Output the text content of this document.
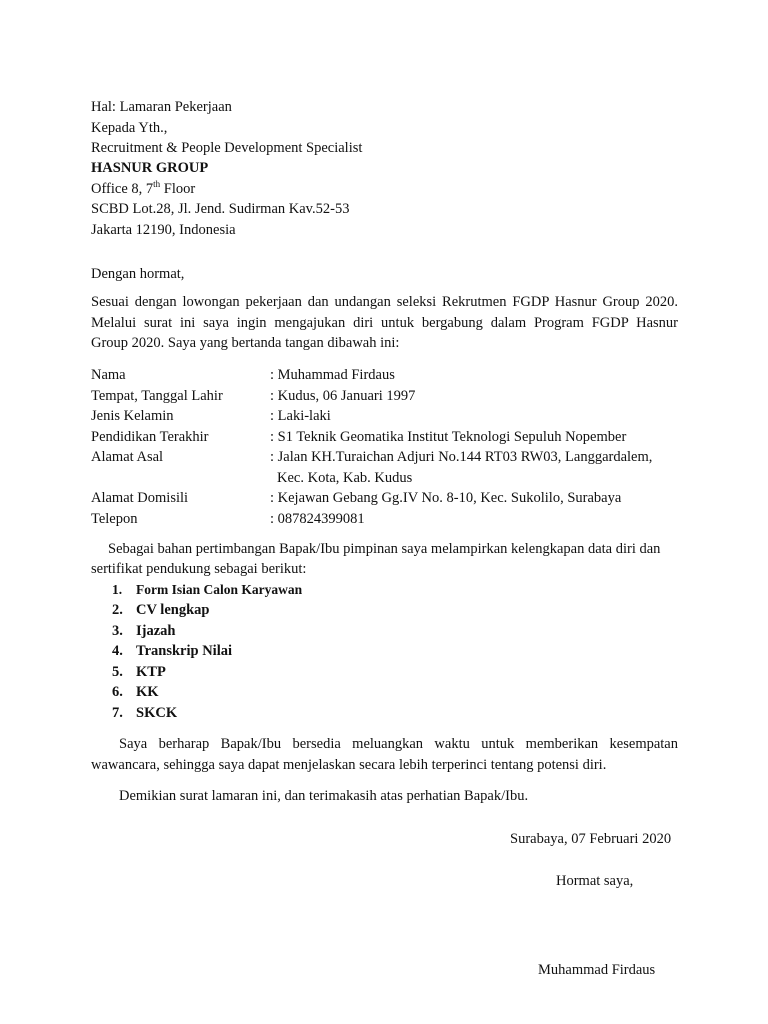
Hal: Lamaran Pekerjaan
Kepada Yth.,
Recruitment & People Development Specialist
HASNUR GROUP
Office 8, 7th Floor
SCBD Lot.28, Jl. Jend. Sudirman Kav.52-53
Jakarta 12190, Indonesia
Dengan hormat,
Sesuai dengan lowongan pekerjaan dan undangan seleksi Rekrutmen FGDP Hasnur Group 2020.
Melalui surat ini saya ingin mengajukan diri untuk bergabung dalam Program FGDP Hasnur
Group 2020. Saya yang bertanda tangan dibawah ini:
Nama	: Muhammad Firdaus
Tempat, Tanggal Lahir	: Kudus, 06 Januari 1997
Jenis Kelamin	: Laki-laki
Pendidikan Terakhir	: S1 Teknik Geomatika Institut Teknologi Sepuluh Nopember
Alamat Asal	: Jalan KH.Turaichan Adjuri No.144 RT03 RW03, Langgardalem,
Kec. Kota, Kab. Kudus
Alamat Domisili	: Kejawan Gebang Gg.IV No. 8-10, Kec. Sukolilo, Surabaya
Telepon	: 087824399081
Sebagai bahan pertimbangan Bapak/Ibu pimpinan saya melampirkan kelengkapan data diri dan
sertifikat pendukung sebagai berikut:
1. Form Isian Calon Karyawan
2. CV lengkap
3. Ijazah
4. Transkrip Nilai
5. KTP
6. KK
7. SKCK
Saya berharap Bapak/Ibu bersedia meluangkan waktu untuk memberikan kesempatan
wawancara, sehingga saya dapat menjelaskan secara lebih terperinci tentang potensi diri.
Demikian surat lamaran ini, dan terimakasih atas perhatian Bapak/Ibu.
Surabaya, 07 Februari 2020
Hormat saya,
Muhammad Firdaus
